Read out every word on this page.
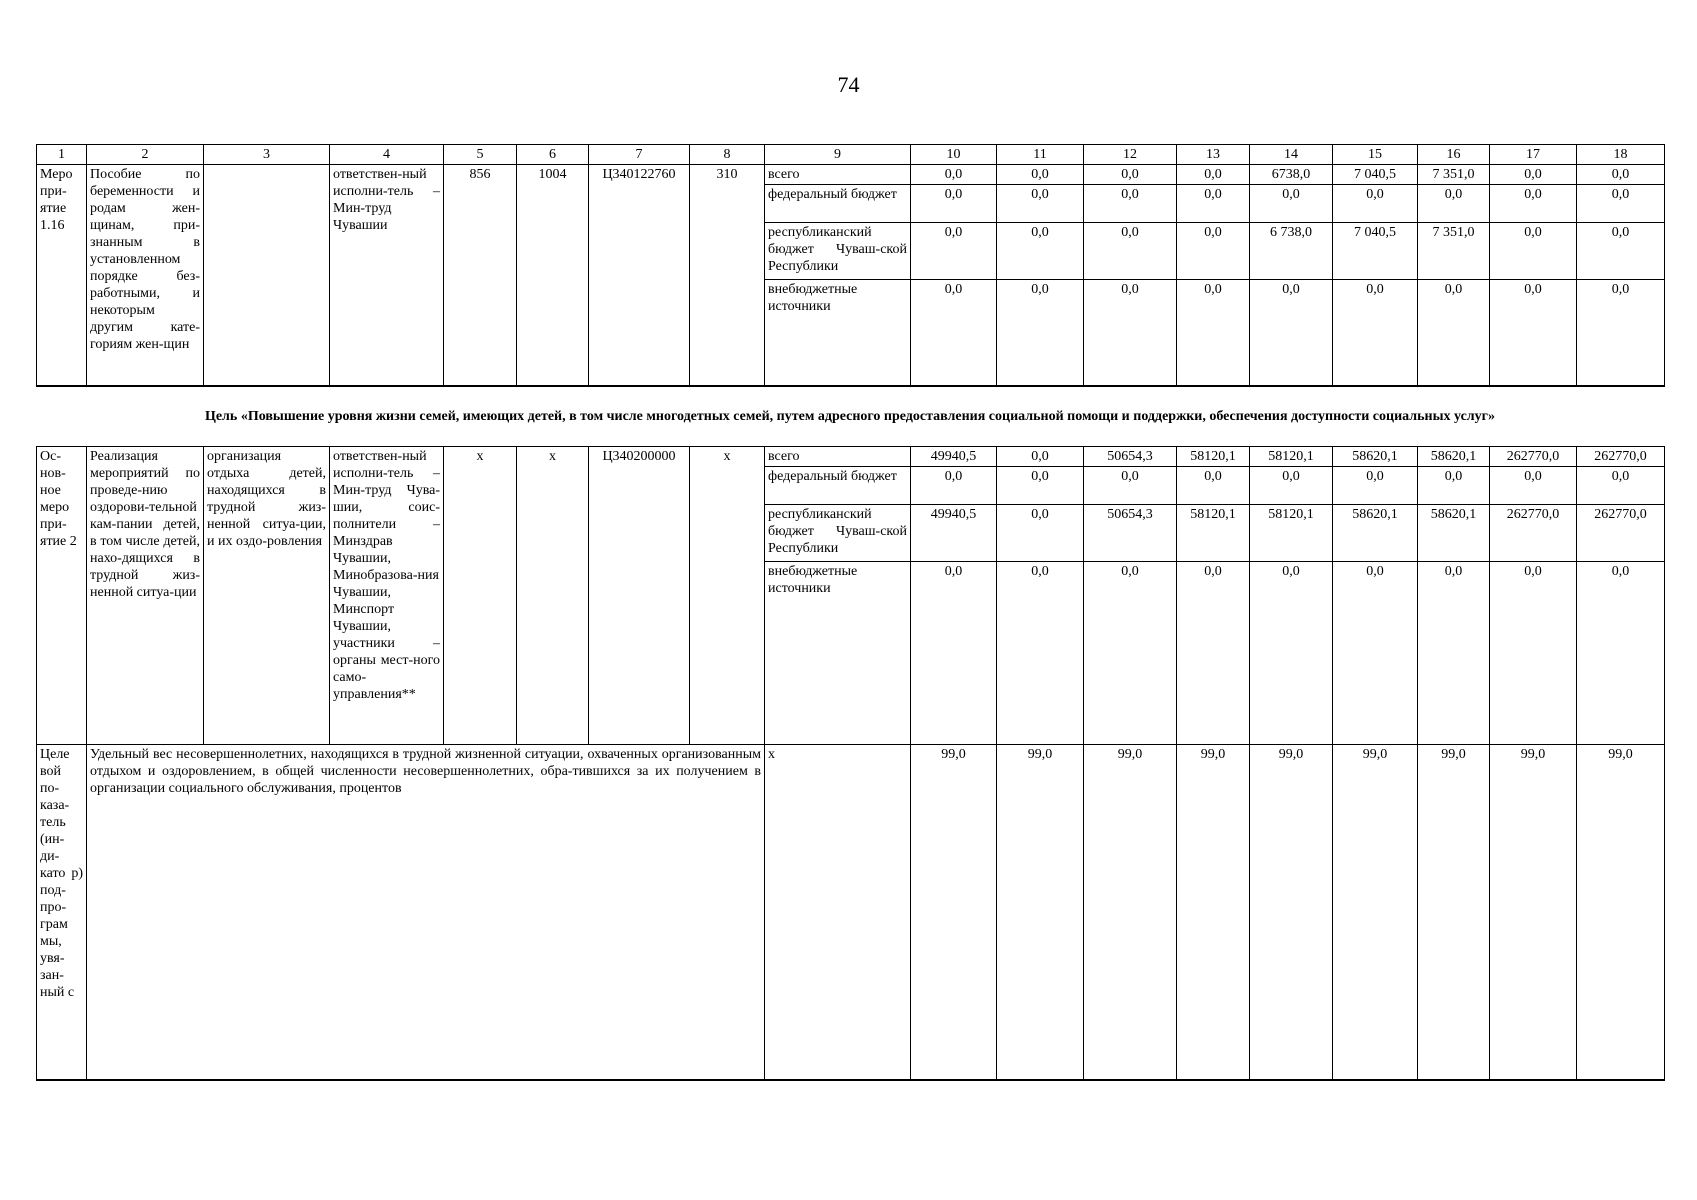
74
1	2	3	4	5	6	7	8	9	10	11	12	13	14	15	16	17	18
Меро при-ятие 1.16	Пособие по беременности и родам жен-щинам, при-знанным в установленном порядке без-работными, и некоторым другим кате-гориям жен-щин		ответствен-ный исполни-тель – Мин-труд Чувашии	856	1004	Ц340122760	310	всего	0,0	0,0	0,0	0,0	6738,0	7 040,5	7 351,0	0,0	0,0
								федеральный бюджет	0,0	0,0	0,0	0,0	0,0	0,0	0,0	0,0	0,0
								республиканский бюджет Чуваш-ской Республики	0,0	0,0	0,0	0,0	6 738,0	7 040,5	7 351,0	0,0	0,0
								внебюджетные источники	0,0	0,0	0,0	0,0	0,0	0,0	0,0	0,0	0,0
Цель «Повышение уровня жизни семей, имеющих детей, в том числе многодетных семей, путем адресного предоставления социальной помощи и поддержки, обеспечения доступности социальных услуг»
Ос-нов-ное меро при-ятие 2	Реализация мероприятий по проведе-нию оздорови-тельной кам-пании детей, в том числе детей, нахо-дящихся в трудной жиз-ненной ситуа-ции	организация отдыха детей, находящихся в трудной жиз-ненной ситуа-ции, и их оздо-ровления	ответствен-ный исполни-тель – Мин-труд Чува-шии, соис-полнители – Минздрав Чувашии, Минобразова-ния Чувашии, Минспорт Чувашии, участники – органы мест-ного само-управления**	x	x	Ц340200000	x	всего	49940,5	0,0	50654,3	58120,1	58120,1	58620,1	58620,1	262770,0	262770,0
								федеральный бюджет	0,0	0,0	0,0	0,0	0,0	0,0	0,0	0,0	0,0
								республиканский бюджет Чуваш-ской Республики	49940,5	0,0	50654,3	58120,1	58120,1	58620,1	58620,1	262770,0	262770,0
								внебюджетные источники	0,0	0,0	0,0	0,0	0,0	0,0	0,0	0,0	0,0
Целе вой по-каза-тель (ин-ди-като р) под-про-грам мы, увя-зан-ный с	Удельный вес несовершеннолетних, находящихся в трудной жизненной ситуации, охваченных организованным отдыхом и оздоровлением, в общей численности несовершеннолетних, обра-тившихся за их получением в организации социального обслуживания, процентов							x	99,0	99,0	99,0	99,0	99,0	99,0	99,0	99,0	99,0
